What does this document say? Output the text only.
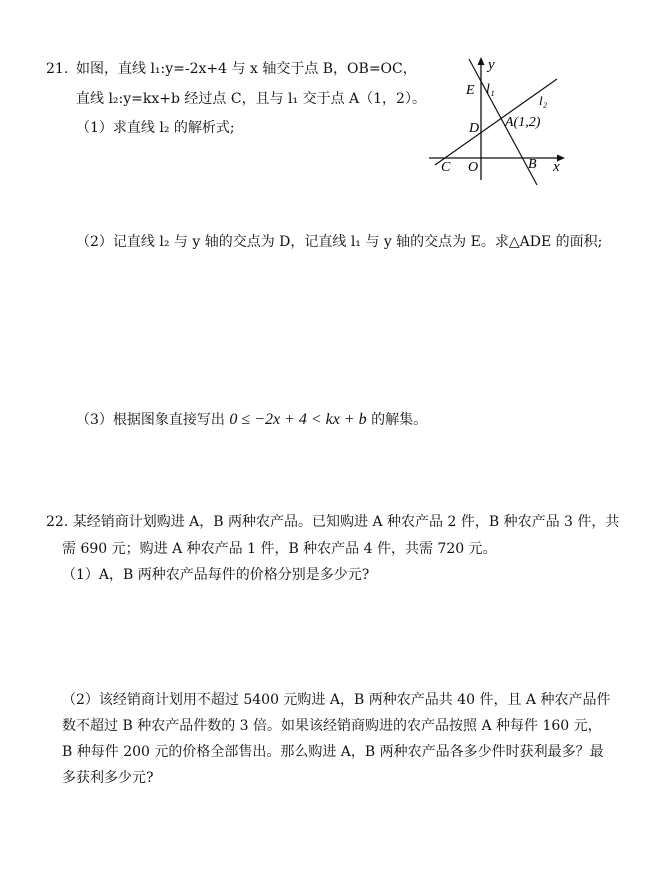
21. 如图，直线 l₁:y=-2x+4 与 x 轴交于点 B，OB=OC，
直线 l₂:y=kx+b 经过点 C，且与 l₁ 交于点 A（1，2）。
（1）求直线 l₂ 的解析式;
y
E l₁
l₂
D A(1,2)
C O	B x
（2）记直线 l₂ 与 y 轴的交点为 D，记直线 l₁ 与 y 轴的交点为 E。求△ADE 的面积;
（3）根据图象直接写出 0 ≤ −2x + 4 < kx + b 的解集。
22. 某经销商计划购进 A，B 两种农产品。已知购进 A 种农产品 2 件，B 种农产品 3 件，共
需 690 元；购进 A 种农产品 1 件，B 种农产品 4 件，共需 720 元。
（1）A，B 两种农产品每件的价格分别是多少元?
（2）该经销商计划用不超过 5400 元购进 A，B 两种农产品共 40 件，且 A 种农产品件
数不超过 B 种农产品件数的 3 倍。如果该经销商购进的农产品按照 A 种每件 160 元，
B 种每件 200 元的价格全部售出。那么购进 A，B 两种农产品各多少件时获利最多？最
多获利多少元?
